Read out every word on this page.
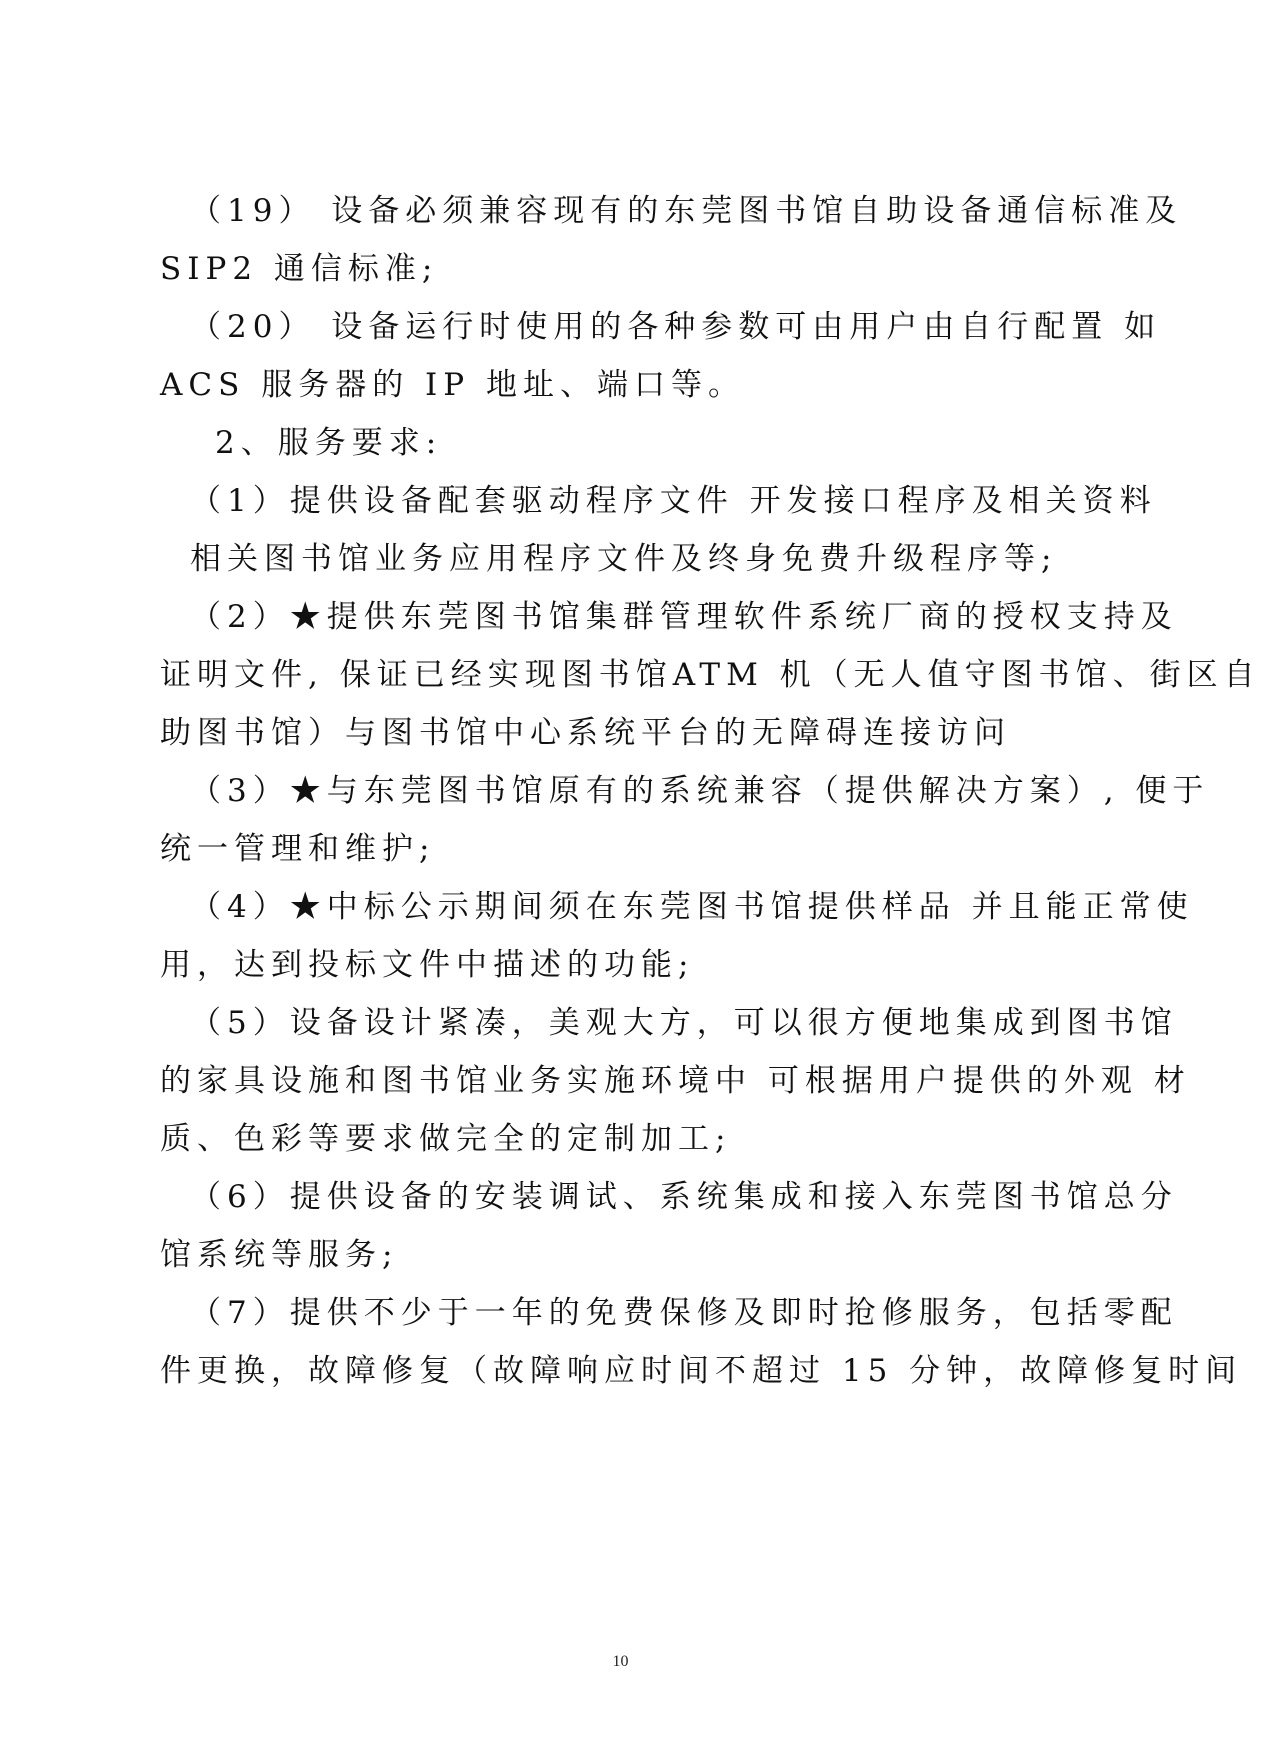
（19） 设备必须兼容现有的东莞图书馆自助设备通信标准及
SIP2 通信标准;
（20） 设备运行时使用的各种参数可由用户由自行配置 如
ACS 服务器的 IP 地址、端口等。
2、服务要求:
（1）提供设备配套驱动程序文件 开发接口程序及相关资料
相关图书馆业务应用程序文件及终身免费升级程序等;
（2）★提供东莞图书馆集群管理软件系统厂商的授权支持及
证明文件, 保证已经实现图书馆ATM 机（无人值守图书馆、街区自
助图书馆）与图书馆中心系统平台的无障碍连接访问
（3）★与东莞图书馆原有的系统兼容（提供解决方案）, 便于
统一管理和维护;
（4）★中标公示期间须在东莞图书馆提供样品 并且能正常使
用，达到投标文件中描述的功能;
（5）设备设计紧凑，美观大方，可以很方便地集成到图书馆
的家具设施和图书馆业务实施环境中 可根据用户提供的外观 材
质、色彩等要求做完全的定制加工;
（6）提供设备的安装调试、系统集成和接入东莞图书馆总分
馆系统等服务;
（7）提供不少于一年的免费保修及即时抢修服务，包括零配
件更换，故障修复（故障响应时间不超过 15 分钟，故障修复时间
10
